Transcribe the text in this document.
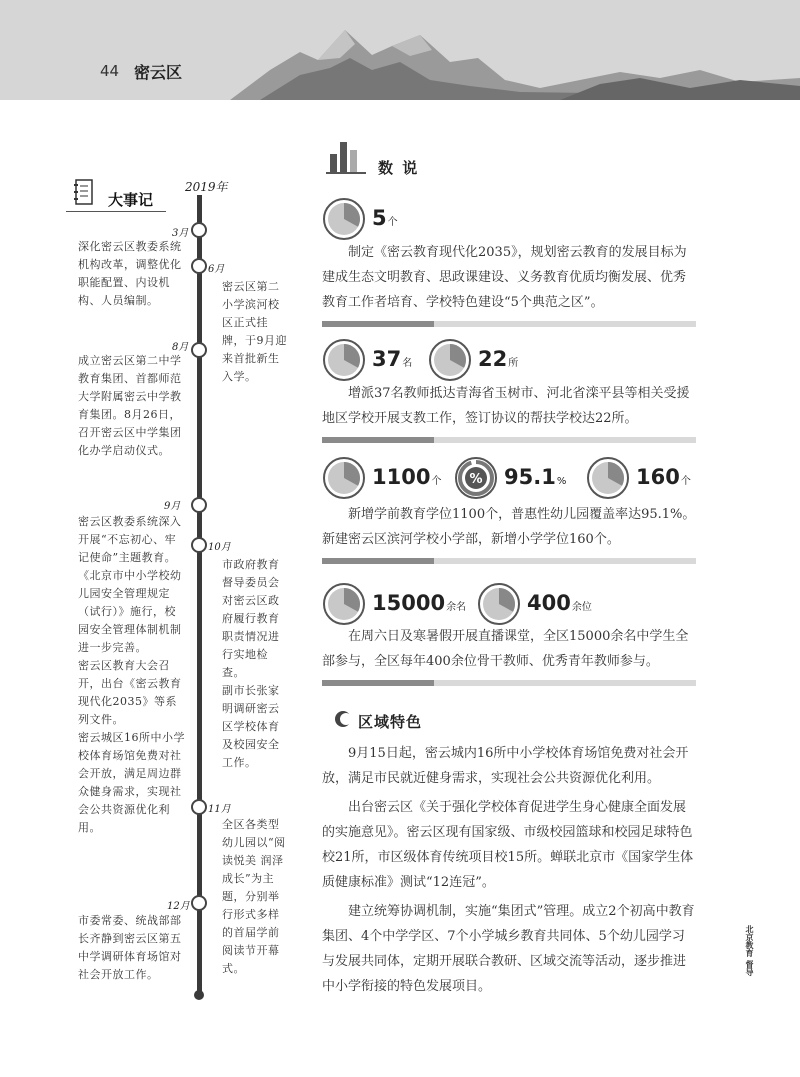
44 密云区
大事记
2019年
3月
深化密云区教委系统机构改革，调整优化职能配置、内设机构、人员编制。
6月
密云区第二小学滨河校区正式挂牌，于9月迎来首批新生入学。
8月
成立密云区第二中学教育集团、首都师范大学附属密云中学教育集团。8月26日，召开密云区中学集团化办学启动仪式。
9月

密云区教委系统深入开展“不忘初心、牢记使命”主题教育。

《北京市中小学校幼儿园安全管理规定（试行）》施行，校园安全管理体制机制进一步完善。

密云区教育大会召开，出台《密云教育现代化2035》等系列文件。

密云城区16所中小学校体育场馆免费对社会开放，满足周边群众健身需求，实现社会公共资源优化利用。

10月

市政府教育督导委员会对密云区政府履行教育职责情况进行实地检查。

副市长张家明调研密云区学校体育及校园安全工作。

11月
全区各类型幼儿园以“阅读悦美 润泽成长”为主题，分别举行形式多样的首届学前阅读节开幕式。
12月
市委常委、统战部部长齐静到密云区第五中学调研体育场馆对社会开放工作。
数 说
5个
制定《密云教育现代化2035》，规划密云教育的发展目标为建成生态文明教育、思政课建设、义务教育优质均衡发展、优秀教育工作者培育、学校特色建设“5个典范之区”。
37名	22所
增派37名教师抵达青海省玉树市、河北省滦平县等相关受援地区学校开展支教工作，签订协议的帮扶学校达22所。
1100个 % 95.1%	160个
新增学前教育学位1100个，普惠性幼儿园覆盖率达95.1%。新建密云区滨河学校小学部，新增小学学位160个。
15000余名	400余位
在周六日及寒暑假开展直播课堂，全区15000余名中学生全部参与，全区每年400余位骨干教师、优秀青年教师参与。
区域特色

9月15日起，密云城内16所中小学校体育场馆免费对社会开放，满足市民就近健身需求，实现社会公共资源优化利用。

出台密云区《关于强化学校体育促进学生身心健康全面发展的实施意见》。密云区现有国家级、市级校园篮球和校园足球特色校21所，市区级体育传统项目校15所。蝉联北京市《国家学生体质健康标准》测试“12连冠”。

建立统筹协调机制，实施“集团式”管理。成立2个初高中教育集团、4个中学学区、7个小学城乡教育共同体、5个幼儿园学习与发展共同体，定期开展联合教研、区域交流等活动，逐步推进中小学衔接的特色发展项目。

北京教育 督导
